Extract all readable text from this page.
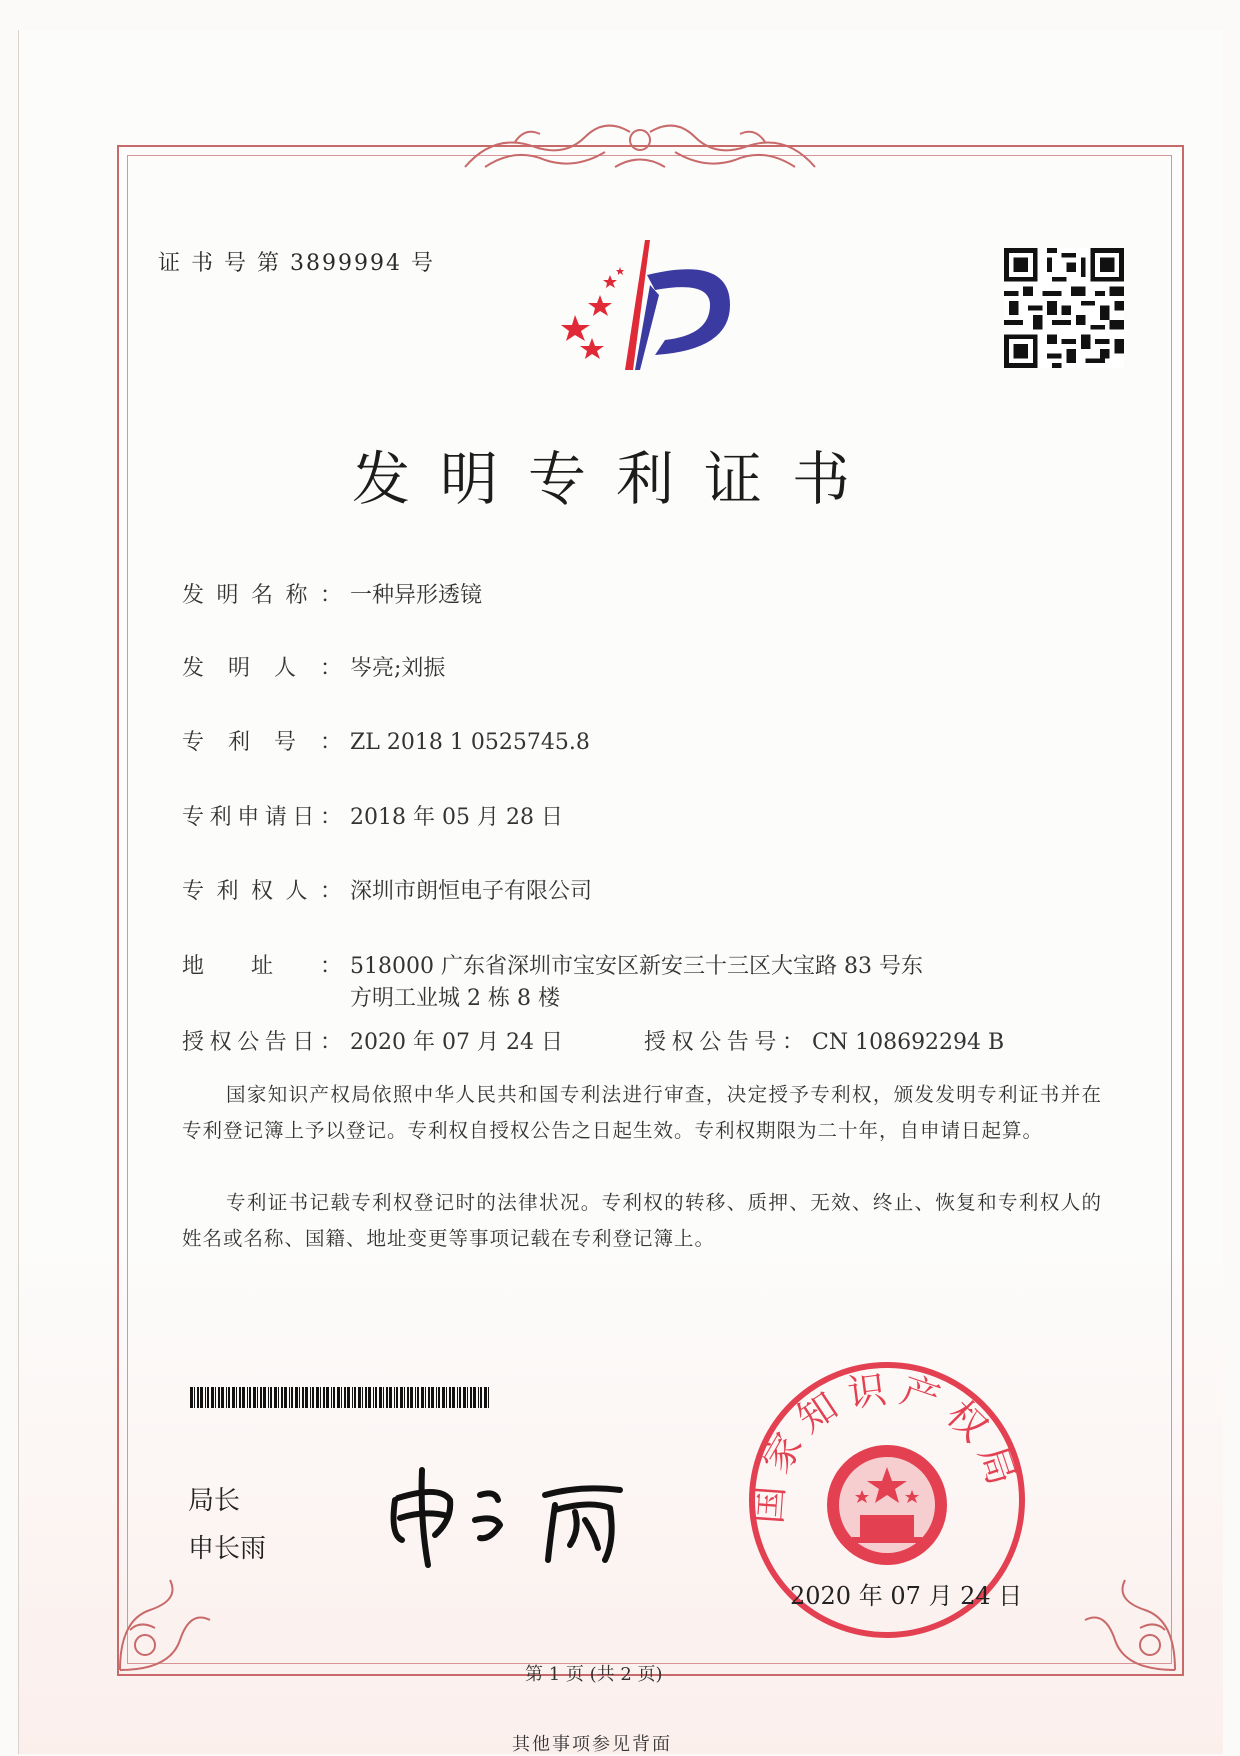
证 书 号 第 3899994 号
发明专利证书
发明名称： 一种异形透镜
发明人： 岑亮;刘振
专利号： ZL 2018 1 0525745.8
专利申请日： 2018 年 05 月 28 日
专利权人： 深圳市朗恒电子有限公司
地址： 518000 广东省深圳市宝安区新安三十三区大宝路 83 号东
方明工业城 2 栋 8 楼
授权公告日： 2020 年 07 月 24 日	授权公告号： CN 108692294 B
国家知识产权局依照中华人民共和国专利法进行审查，决定授予专利权，颁发发明专利证书并在专利登记簿上予以登记。专利权自授权公告之日起生效。专利权期限为二十年，自申请日起算。
专利证书记载专利权登记时的法律状况。专利权的转移、质押、无效、终止、恢复和专利权人的姓名或名称、国籍、地址变更等事项记载在专利登记簿上。
局长
申长雨
国家知识产权局
2020 年 07 月 24 日
第 1 页 (共 2 页)
其他事项参见背面
